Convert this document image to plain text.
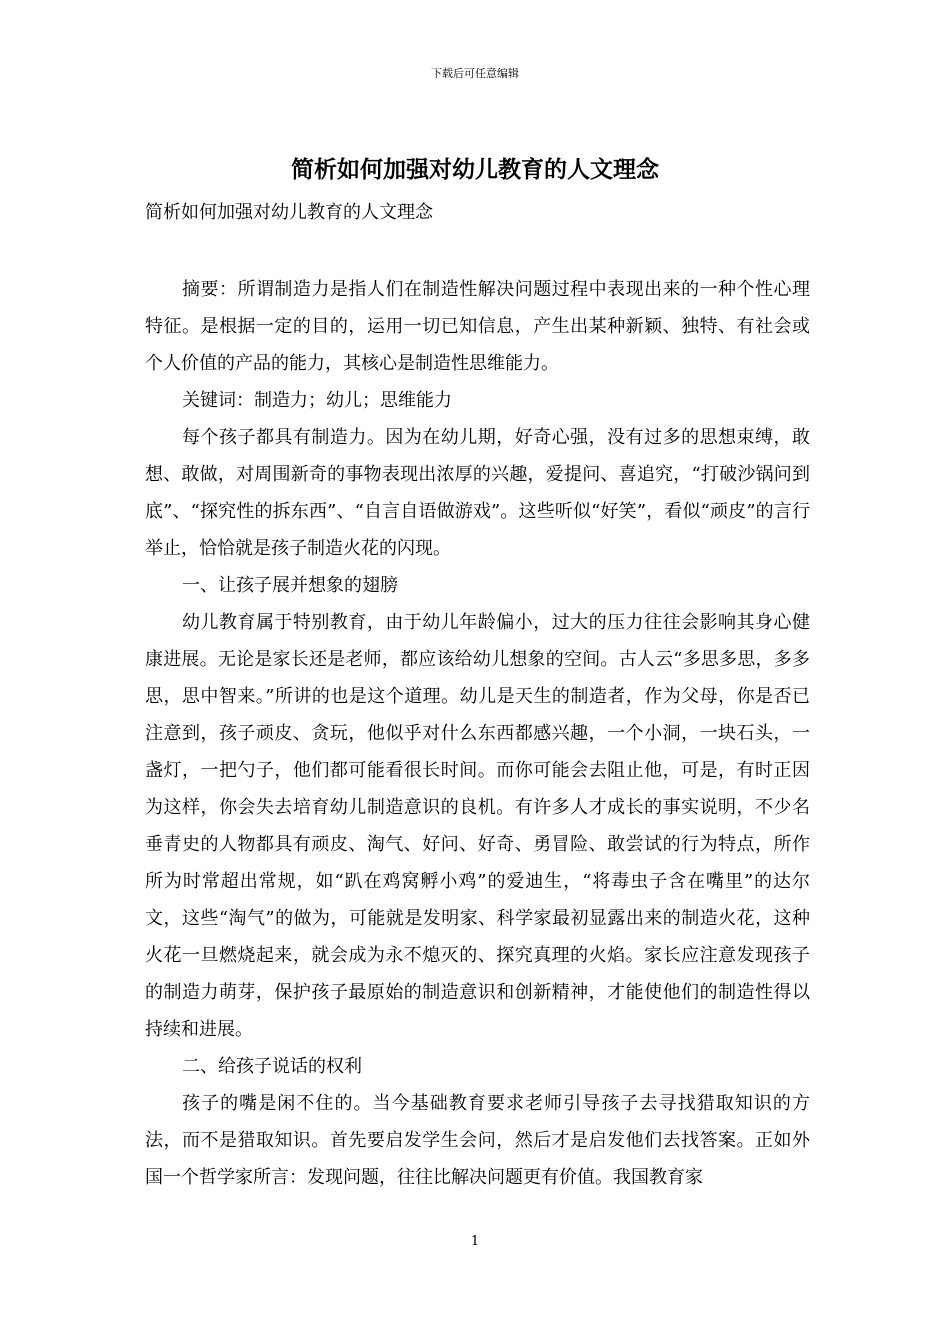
下载后可任意编辑
简析如何加强对幼儿教育的人文理念
简析如何加强对幼儿教育的人文理念

摘要：所谓制造力是指人们在制造性解决问题过程中表现出来的一种个性心理特征。是根据一定的目的，运用一切已知信息，产生出某种新颖、独特、有社会或个人价值的产品的能力，其核心是制造性思维能力。

关键词：制造力；幼儿；思维能力

每个孩子都具有制造力。因为在幼儿期，好奇心强，没有过多的思想束缚，敢想、敢做，对周围新奇的事物表现出浓厚的兴趣，爱提问、喜追究，“打破沙锅问到底”、“探究性的拆东西”、“自言自语做游戏”。这些听似“好笑”，看似“顽皮”的言行举止，恰恰就是孩子制造火花的闪现。

一、让孩子展并想象的翅膀

幼儿教育属于特别教育，由于幼儿年龄偏小，过大的压力往往会影响其身心健康进展。无论是家长还是老师，都应该给幼儿想象的空间。古人云“多思多思，多多思，思中智来。”所讲的也是这个道理。幼儿是天生的制造者，作为父母，你是否已注意到，孩子顽皮、贪玩，他似乎对什么东西都感兴趣，一个小洞，一块石头，一盏灯，一把勺子，他们都可能看很长时间。而你可能会去阻止他，可是，有时正因为这样，你会失去培育幼儿制造意识的良机。有许多人才成长的事实说明，不少名垂青史的人物都具有顽皮、淘气、好问、好奇、勇冒险、敢尝试的行为特点，所作所为时常超出常规，如“趴在鸡窝孵小鸡”的爱迪生，“将毒虫子含在嘴里”的达尔文，这些“淘气”的做为，可能就是发明家、科学家最初显露出来的制造火花，这种火花一旦燃烧起来，就会成为永不熄灭的、探究真理的火焰。家长应注意发现孩子的制造力萌芽，保护孩子最原始的制造意识和创新精神，才能使他们的制造性得以持续和进展。

二、给孩子说话的权利

孩子的嘴是闲不住的。当今基础教育要求老师引导孩子去寻找猎取知识的方法，而不是猎取知识。首先要启发学生会问，然后才是启发他们去找答案。正如外国一个哲学家所言：发现问题，往往比解决问题更有价值。我国教育家

1
